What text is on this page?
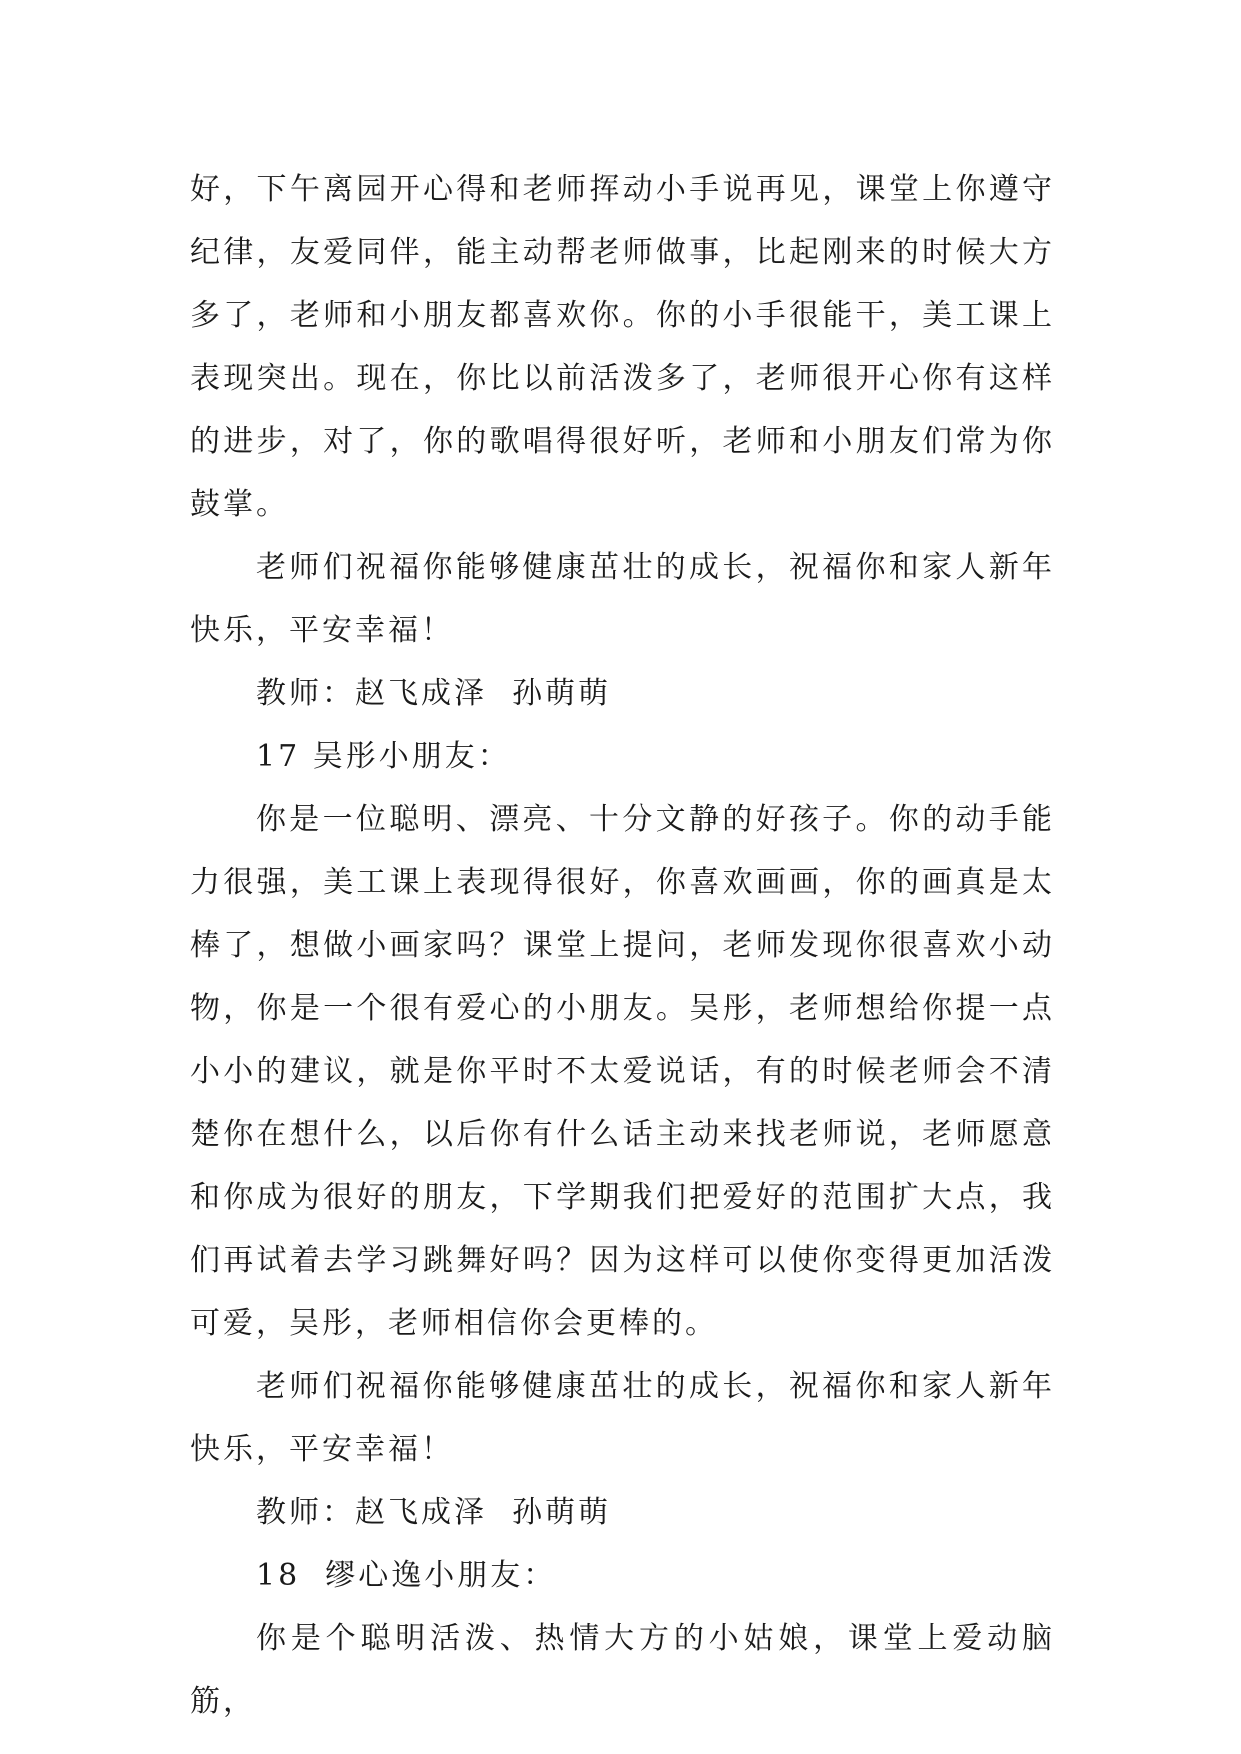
好，下午离园开心得和老师挥动小手说再见，课堂上你遵守纪律，友爱同伴，能主动帮老师做事，比起刚来的时候大方多了，老师和小朋友都喜欢你。你的小手很能干，美工课上表现突出。现在，你比以前活泼多了，老师很开心你有这样的进步，对了，你的歌唱得很好听，老师和小朋友们常为你鼓掌。

老师们祝福你能够健康茁壮的成长，祝福你和家人新年快乐，平安幸福！

教师：赵飞成泽  孙萌萌

17 吴彤小朋友：

你是一位聪明、漂亮、十分文静的好孩子。你的动手能力很强，美工课上表现得很好，你喜欢画画，你的画真是太棒了，想做小画家吗？课堂上提问，老师发现你很喜欢小动物，你是一个很有爱心的小朋友。吴彤，老师想给你提一点小小的建议，就是你平时不太爱说话，有的时候老师会不清楚你在想什么，以后你有什么话主动来找老师说，老师愿意和你成为很好的朋友，下学期我们把爱好的范围扩大点，我们再试着去学习跳舞好吗？因为这样可以使你变得更加活泼可爱，吴彤，老师相信你会更棒的。

老师们祝福你能够健康茁壮的成长，祝福你和家人新年快乐，平安幸福！

教师：赵飞成泽  孙萌萌

18  缪心逸小朋友：

你是个聪明活泼、热情大方的小姑娘，课堂上爱动脑筋，
